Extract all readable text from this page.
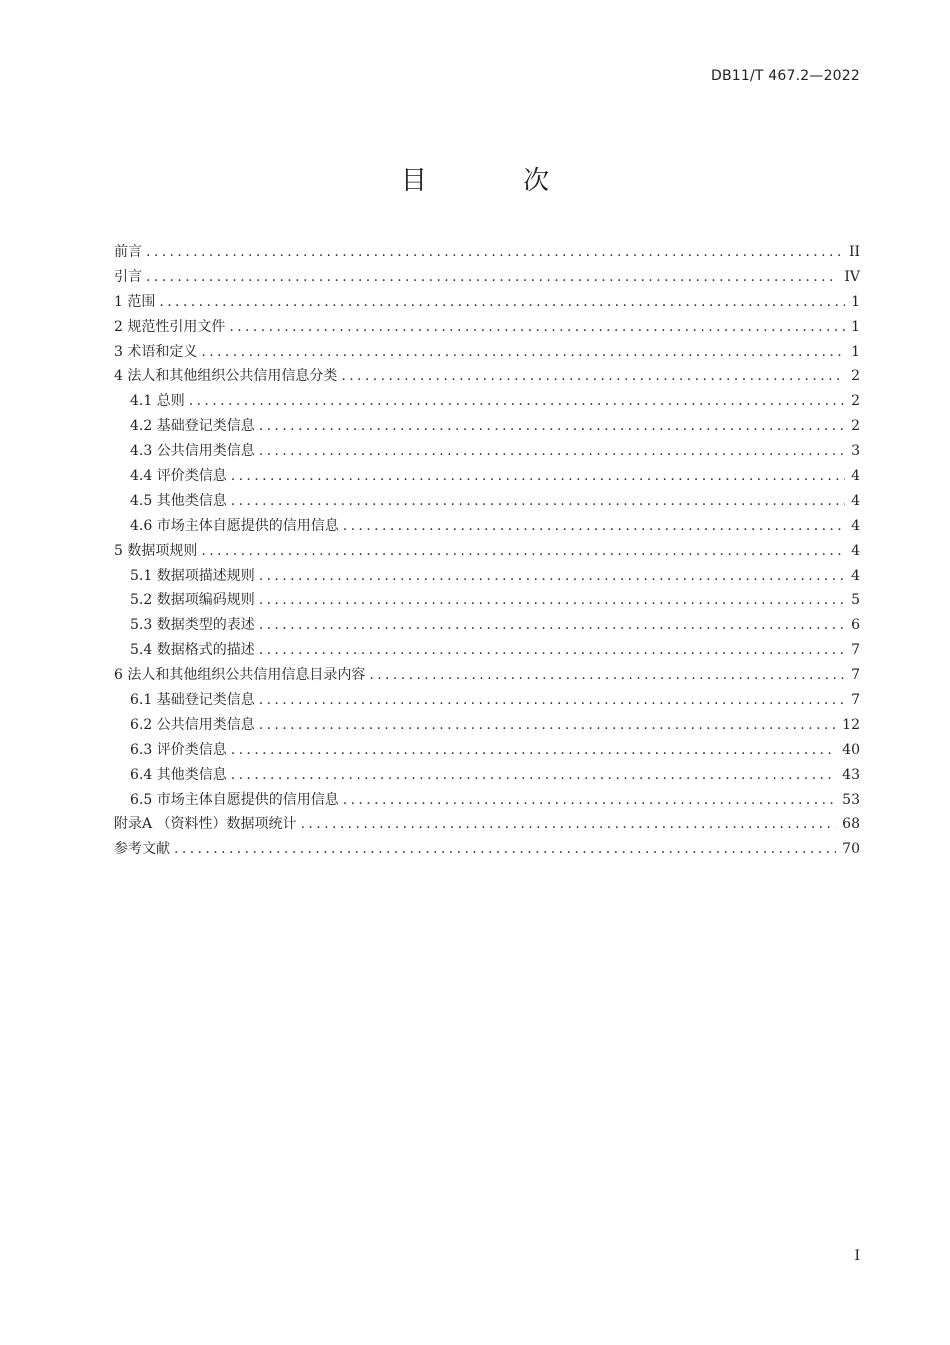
DB11/T 467.2—2022
目 次
前言 .....	II
引言 .....	IV
1 范围 .....	1
2 规范性引用文件 .....	1
3 术语和定义 .....	1
4 法人和其他组织公共信用信息分类 .....	2
4.1 总则 .....	2
4.2 基础登记类信息 .....	2
4.3 公共信用类信息 .....	3
4.4 评价类信息 .....	4
4.5 其他类信息 .....	4
4.6 市场主体自愿提供的信用信息 .....	4
5 数据项规则 .....	4
5.1 数据项描述规则 .....	4
5.2 数据项编码规则 .....	5
5.3 数据类型的表述 .....	6
5.4 数据格式的描述 .....	7
6 法人和其他组织公共信用信息目录内容 .....	7
6.1 基础登记类信息 .....	7
6.2 公共信用类信息 .....	12
6.3 评价类信息 .....	40
6.4 其他类信息 .....	43
6.5 市场主体自愿提供的信用信息 .....	53
附录A （资料性）数据项统计 .....	68
参考文献 .....	70
I
